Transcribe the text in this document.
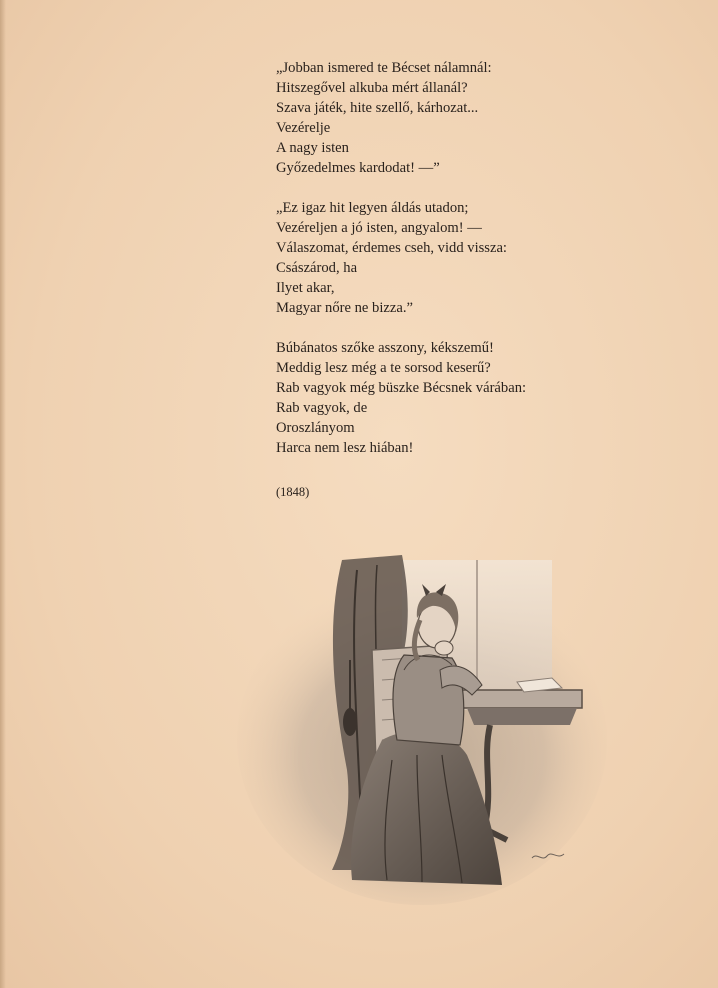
„Jobban ismered te Bécset nálamnál:
Hitszegővel alkuba mért állanál?
Szava játék, hite szellő, kárhozat...
Vezérelje
A nagy isten
Győzedelmes kardodat! —”
„Ez igaz hit legyen áldás utadon;
Vezéreljen a jó isten, angyalom! —
Válaszomat, érdemes cseh, vidd vissza:
Császárod, ha
Ilyet akar,
Magyar nőre ne bizza.”
Búbánatos szőke asszony, kékszemű!
Meddig lesz még a te sorsod keserű?
Rab vagyok még büszke Bécsnek várában:
Rab vagyok, de
Oroszlányom
Harca nem lesz hiában!
(1848)
